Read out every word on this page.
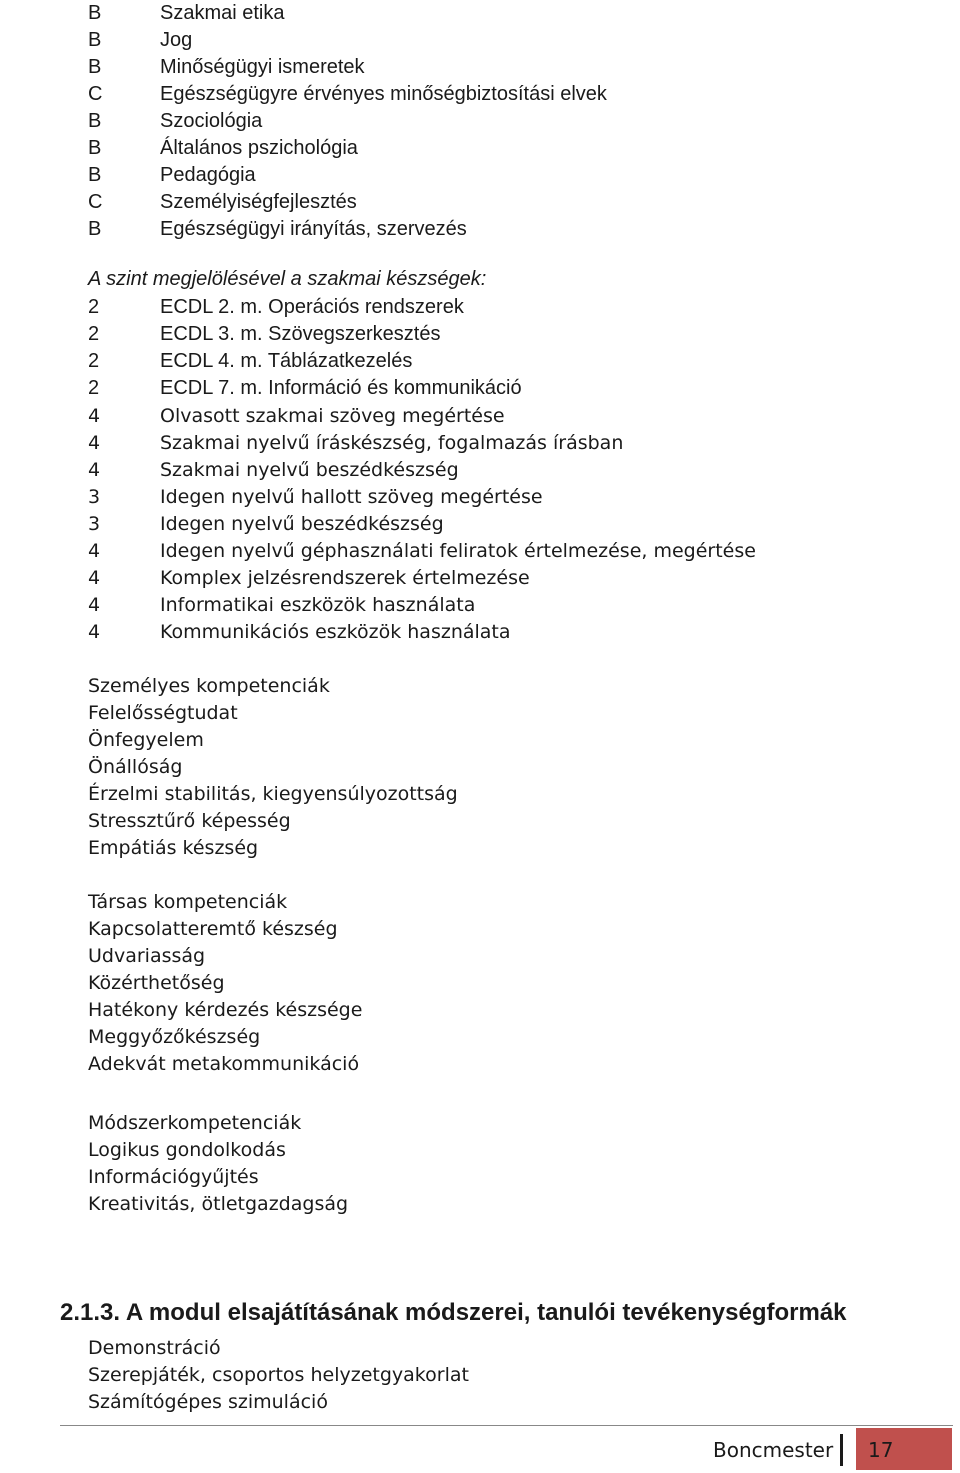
B	Szakmai etika
B	Jog
B	Minőségügyi ismeretek
C	Egészségügyre érvényes minőségbiztosítási elvek
B	Szociológia
B	Általános pszichológia
B	Pedagógia
C	Személyiségfejlesztés
B	Egészségügyi irányítás, szervezés
A szint megjelölésével a szakmai készségek:
2	ECDL 2. m. Operációs rendszerek
2	ECDL 3. m. Szövegszerkesztés
2	ECDL 4. m. Táblázatkezelés
2	ECDL 7. m. Információ és kommunikáció
4	Olvasott szakmai szöveg megértése
4	Szakmai nyelvű íráskészség, fogalmazás írásban
4	Szakmai nyelvű beszédkészség
3	Idegen nyelvű hallott szöveg megértése
3	Idegen nyelvű beszédkészség
4	Idegen nyelvű géphasználati feliratok értelmezése, megértése
4	Komplex jelzésrendszerek értelmezése
4	Informatikai eszközök használata
4	Kommunikációs eszközök használata
Személyes kompetenciák
Felelősségtudat
Önfegyelem
Önállóság
Érzelmi stabilitás, kiegyensúlyozottság
Stressztűrő képesség
Empátiás készség
Társas kompetenciák
Kapcsolatteremtő készség
Udvariasság
Közérthetőség
Hatékony kérdezés készsége
Meggyőzőkészség
Adekvát metakommunikáció
Módszerkompetenciák
Logikus gondolkodás
Információgyűjtés
Kreativitás, ötletgazdagság
2.1.3. A modul elsajátításának módszerei, tanulói tevékenységformák
Demonstráció
Szerepjáték, csoportos helyzetgyakorlat
Számítógépes szimuláció
Boncmester 17
